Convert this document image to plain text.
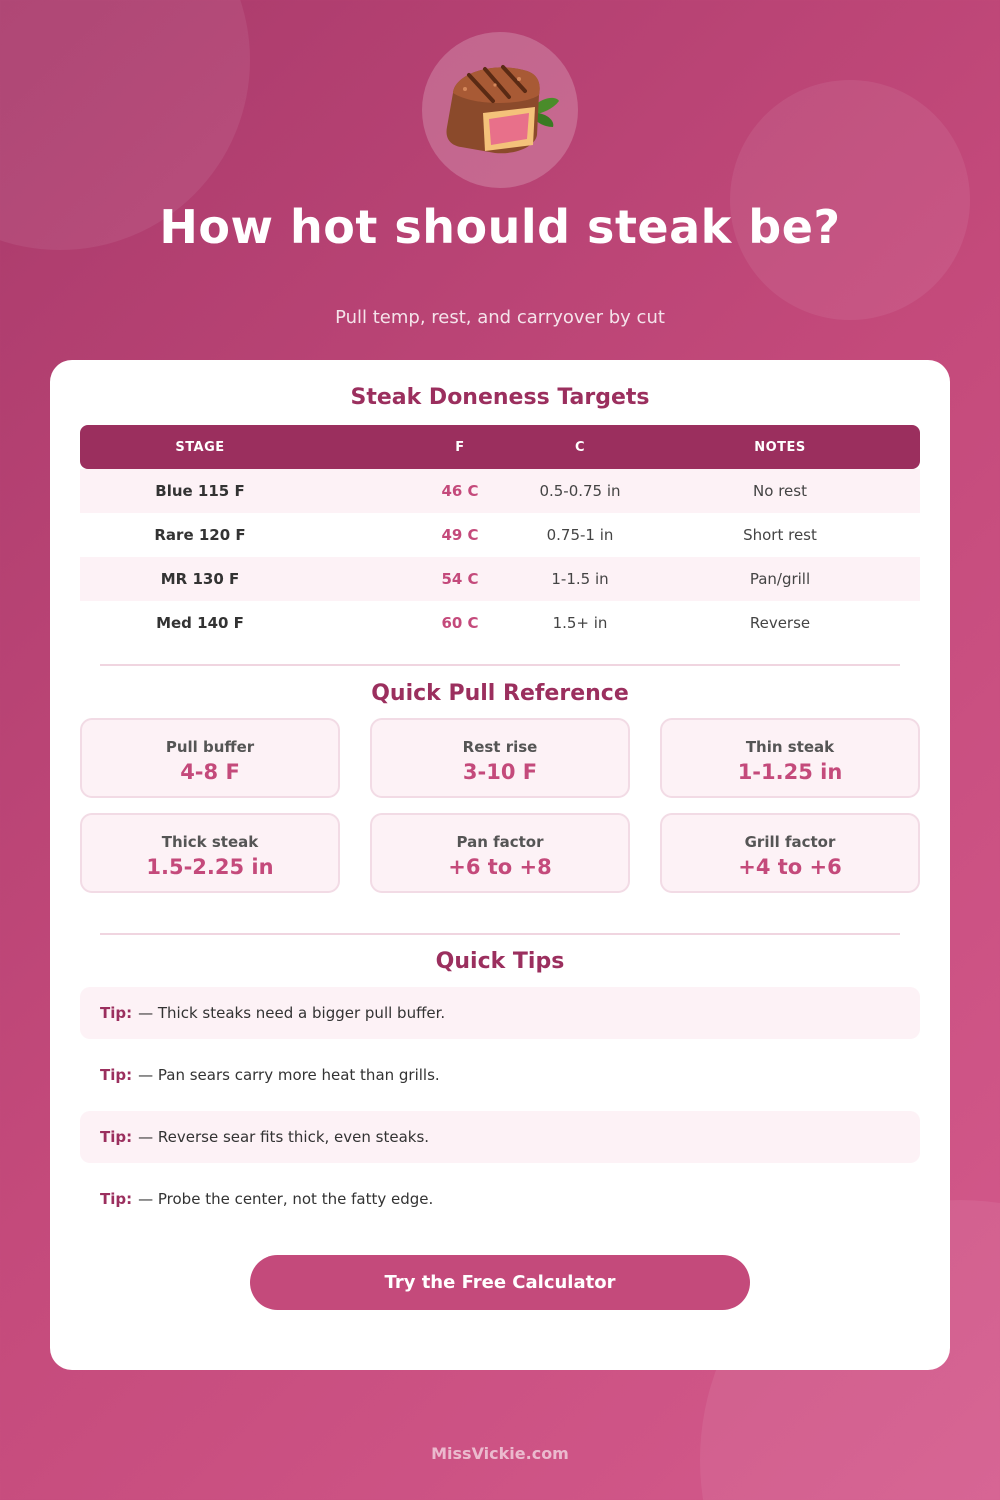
How hot should steak be?
Pull temp, rest, and carryover by cut
Steak Doneness Targets
STAGE	F	C	NOTES
Blue 115 F	46 C	0.5-0.75 in	No rest
Rare 120 F	49 C	0.75-1 in	Short rest
MR 130 F	54 C	1-1.5 in	Pan/grill
Med 140 F	60 C	1.5+ in	Reverse
Quick Pull Reference
Pull buffer
4-8 F
Rest rise
3-10 F
Thin steak
1-1.25 in
Thick steak
1.5-2.25 in
Pan factor
+6 to +8
Grill factor
+4 to +6
Quick Tips
Tip: — Thick steaks need a bigger pull buffer.
Tip: — Pan sears carry more heat than grills.
Tip: — Reverse sear fits thick, even steaks.
Tip: — Probe the center, not the fatty edge.
Try the Free Calculator
MissVickie.com
